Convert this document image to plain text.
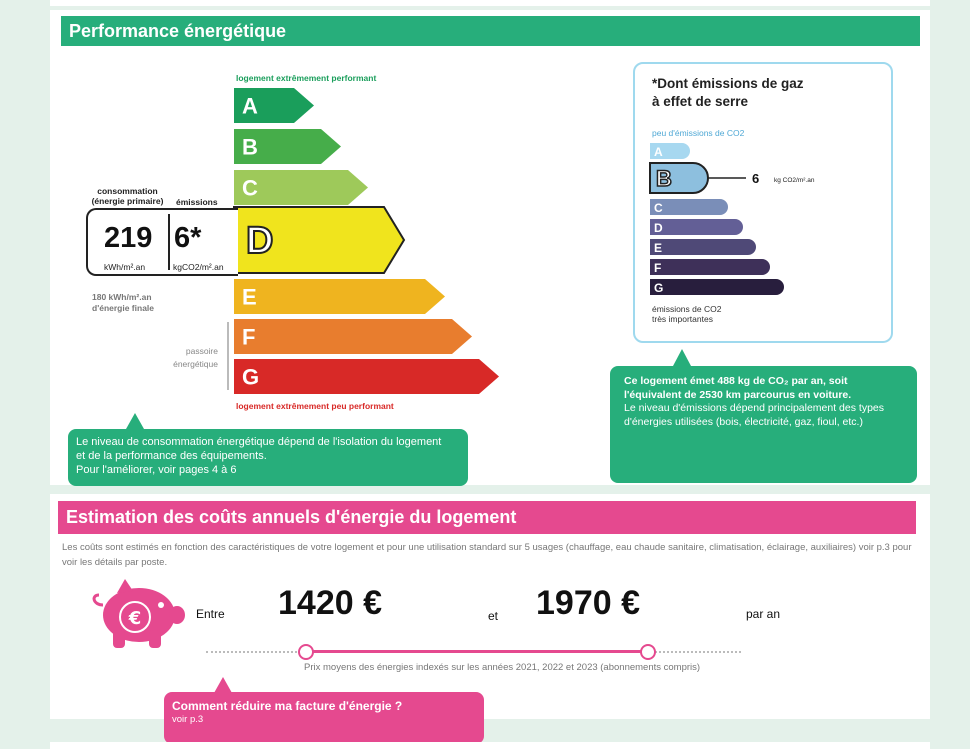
Performance énergétique
logement extrêmement performant
A
B
C
D
E
F
G
logement extrêmement peu performant
consommation
(énergie primaire)	émissions
219
kWh/m².an
6*
kgCO2/m².an
180 kWh/m².an
d'énergie finale
passoire
énergétique
Le niveau de consommation énergétique dépend de l'isolation du logement
et de la performance des équipements.
Pour l'améliorer, voir pages 4 à 6
*Dont émissions de gaz
à effet de serre
peu d'émissions de CO2
A
B	6 kg CO2/m².an
C
D
E
F
G
émissions de CO2
très importantes
Ce logement émet 488 kg de CO₂ par an, soit
l'équivalent de 2530 km parcourus en voiture.
Le niveau d'émissions dépend principalement des types
d'énergies utilisées (bois, électricité, gaz, fioul, etc.)
Estimation des coûts annuels d'énergie du logement
Les coûts sont estimés en fonction des caractéristiques de votre logement et pour une utilisation standard sur 5 usages (chauffage, eau chaude sanitaire, climatisation, éclairage, auxiliaires) voir p.3 pour voir les détails par poste.
€	Entre 1420 €	et 1970 €	par an
Prix moyens des énergies indexés sur les années 2021, 2022 et 2023 (abonnements compris)
Comment réduire ma facture d'énergie ?
voir p.3
